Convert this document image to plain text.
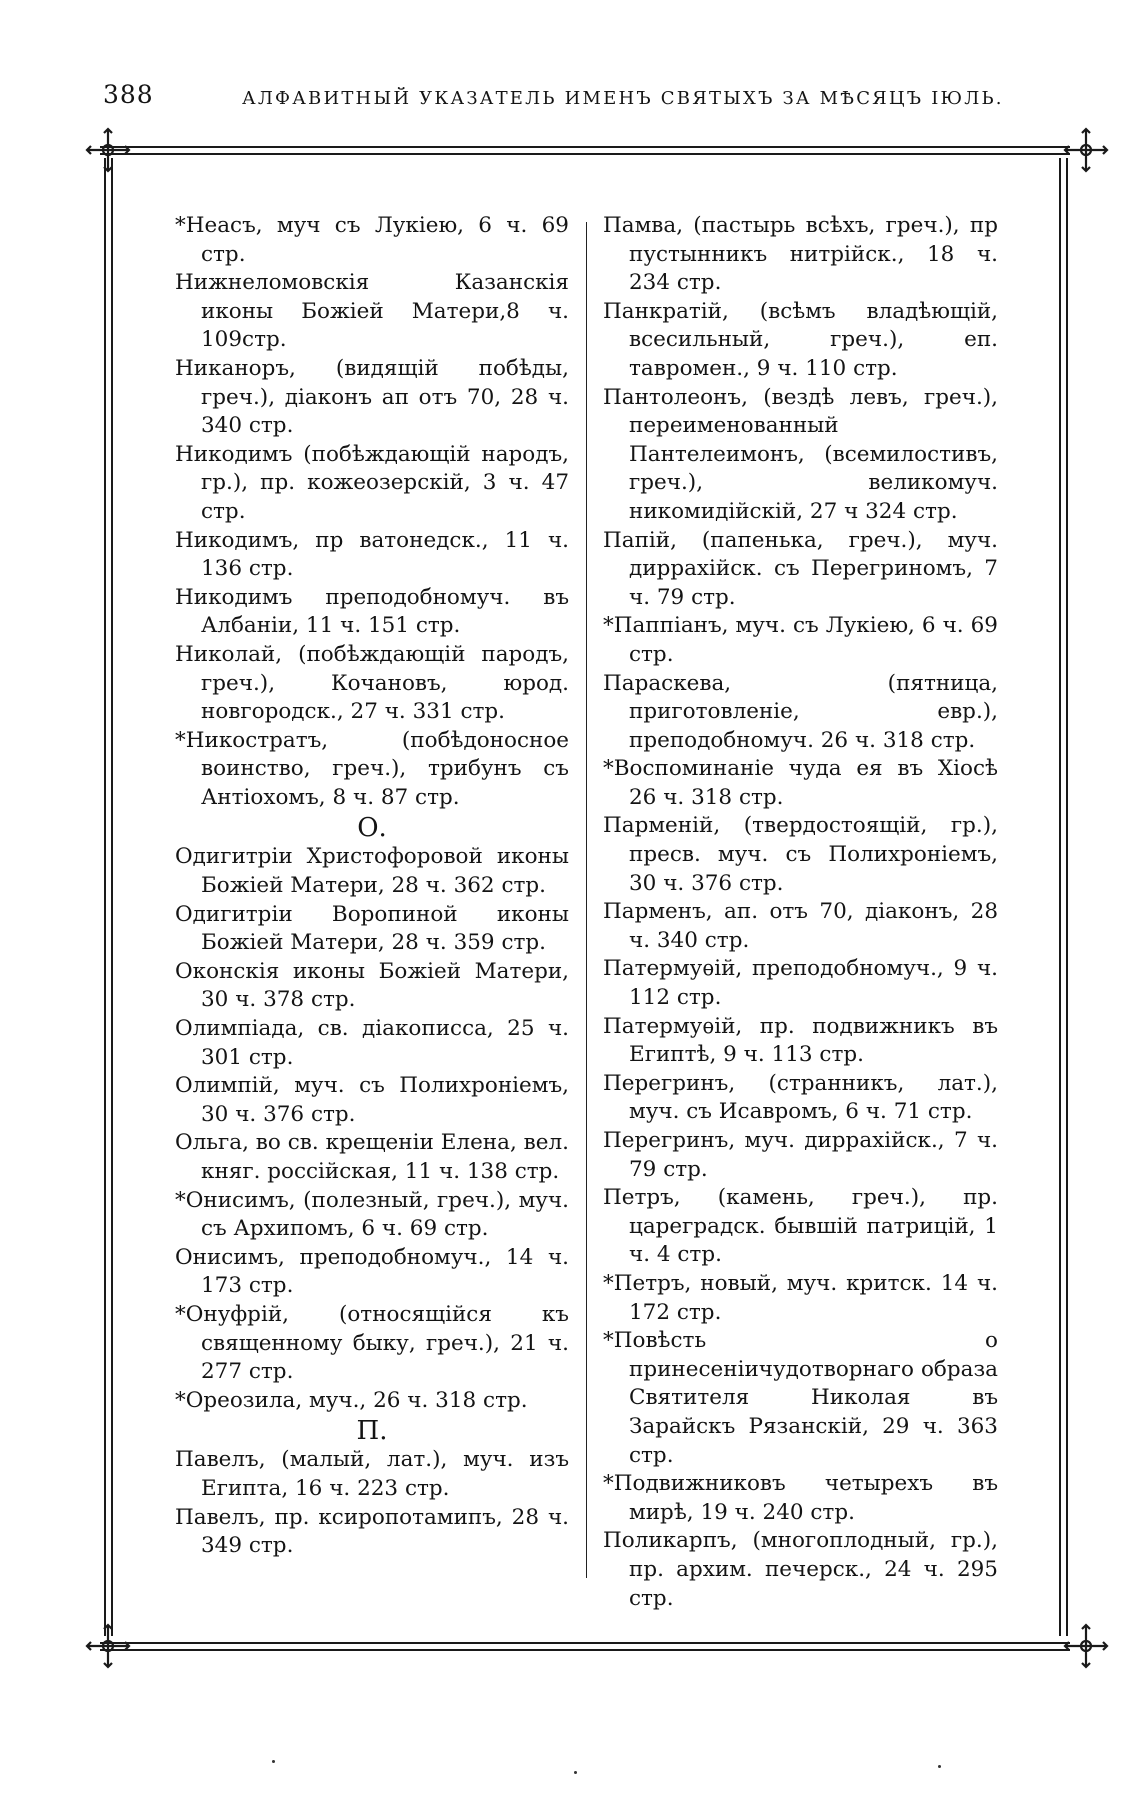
388	АЛФАВИТНЫЙ УКАЗАТЕЛЬ ИМЕНЪ СВЯТЫХЪ ЗА МѢСЯЦЪ ІЮЛЬ.

*Неасъ, муч съ Лукіею, 6 ч. 69 стр.

Нижнеломовскія Казанскія иконы Божіей Матери,8 ч. 109стр.

Никаноръ, (видящій побѣды, греч.), діаконъ ап отъ 70, 28 ч. 340 стр.

Никодимъ (побѣждающій народъ, гр.), пр. кожеозерскій, 3 ч. 47 стр.

Никодимъ, пр ватонедск., 11 ч. 136 стр.

Никодимъ преподобномуч. въ Албаніи, 11 ч. 151 стр.

Николай, (побѣждающій пародъ, греч.), Кочановъ, юрод. новгородск., 27 ч. 331 стр.

*Никостратъ, (побѣдоносное воинство, греч.), трибунъ съ Антіохомъ, 8 ч. 87 стр.

О.

Одигитріи Христофоровой иконы Божіей Матери, 28 ч. 362 стр.

Одигитріи Воропиной иконы Божіей Матери, 28 ч. 359 стр.

Оконскія иконы Божіей Матери, 30 ч. 378 стр.

Олимпіада, св. діакописса, 25 ч. 301 стр.

Олимпій, муч. съ Полихроніемъ, 30 ч. 376 стр.

Ольга, во св. крещеніи Елена, вел. княг. россійская, 11 ч. 138 стр.

*Онисимъ, (полезный, греч.), муч. съ Архипомъ, 6 ч. 69 стр.

Онисимъ, преподобномуч., 14 ч. 173 стр.

*Онуфрій, (относящійся къ священному быку, греч.), 21 ч. 277 стр.

*Ореозила, муч., 26 ч. 318 стр.

П.

Павелъ, (малый, лат.), муч. изъ Египта, 16 ч. 223 стр.

Павелъ, пр. ксиропотамипъ, 28 ч. 349 стр.

Памва, (пастырь всѣхъ, греч.), пр пустынникъ нитрійск., 18 ч. 234 стр.

Панкратій, (всѣмъ владѣющій, всесильный, греч.), еп. тавромен., 9 ч. 110 стр.

Пантолеонъ, (вездѣ левъ, греч.), переименованный Пантелеимонъ, (всемилостивъ, греч.), великомуч. никомидійскій, 27 ч 324 стр.

Папій, (папенька, греч.), муч. диррахійск. съ Перегриномъ, 7 ч. 79 стр.

*Паппіанъ, муч. съ Лукіею, 6 ч. 69 стр.

Параскева, (пятница, приготовленіе, евр.), преподобномуч. 26 ч. 318 стр.

*Воспоминаніе чуда ея въ Хіосѣ 26 ч. 318 стр.

Парменій, (твердостоящій, гр.), пресв. муч. съ Полихроніемъ, 30 ч. 376 стр.

Парменъ, ап. отъ 70, діаконъ, 28 ч. 340 стр.

Патермуѳій, преподобномуч., 9 ч. 112 стр.

Патермуѳій, пр. подвижникъ въ Египтѣ, 9 ч. 113 стр.

Перегринъ, (странникъ, лат.), муч. съ Исавромъ, 6 ч. 71 стр.

Перегринъ, муч. диррахійск., 7 ч. 79 стр.

Петръ, (камень, греч.), пр. цареградск. бывшій патрицій, 1 ч. 4 стр.

*Петръ, новый, муч. критск. 14 ч. 172 стр.

*Повѣсть о принесеніичудотворнаго образа Святителя Николая въ Зарайскъ Рязанскій, 29 ч. 363 стр.

*Подвижниковъ четырехъ въ мирѣ, 19 ч. 240 стр.

Поликарпъ, (многоплодный, гр.), пр. архим. печерск., 24 ч. 295 стр.
